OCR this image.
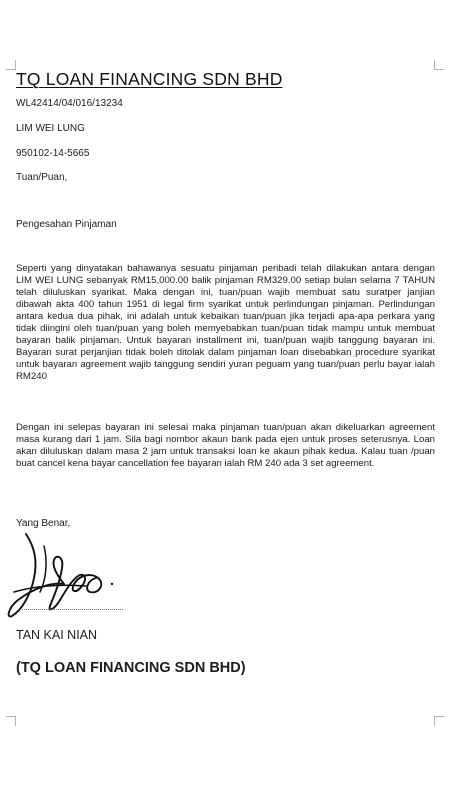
TQ LOAN FINANCING SDN BHD

WL42414/04/016/13234

LIM WEI LUNG

950102-14-5665

Tuan/Puan,

Pengesahan Pinjaman

Seperti yang dinyatakan bahawanya sesuatu pinjaman peribadi telah dilakukan antara dengan LIM WEI LUNG sebanyak RM15,000.00 balik pinjaman RM329.00 setiap bulan selama 7 TAHUN telah diluluskan syarikat. Maka dengan ini, tuan/puan wajib membuat satu suratper janjian dibawah akta 400 tahun 1951 di legal firm syarikat untuk perlindungan pinjaman. Perlindungan antara kedua dua pihak, ini adalah untuk kebaikan tuan/puan jika terjadi apa-apa perkara yang tidak diingini oleh tuan/puan yang boleh memyebabkan tuan/puan tidak mampu untuk membuat bayaran balik pinjaman. Untuk bayaran installment ini, tuan/puan wajib tanggung bayaran ini. Bayaran surat perjanjian tidak boleh ditolak dalam pinjaman loan disebabkan procedure syarikat untuk bayaran agreement wajib tanggung sendiri yuran peguam yang tuan/puan perlu bayar ialah RM240

Dengan ini selepas bayaran ini selesai maka pinjaman tuan/puan akan dikeluarkan agreement masa kurang dari 1 jam. Sila bagi nombor akaun bank pada ejen untuk proses seterusnya. Loan akan diluluskan dalam masa 2 jam untuk transaksi loan ke akaun pihak kedua. Kalau tuan /puan buat cancel kena bayar cancellation fee bayaran ialah RM 240 ada 3 set agreement.

Yang Benar,

TAN KAI NIAN

(TQ LOAN FINANCING SDN BHD)
